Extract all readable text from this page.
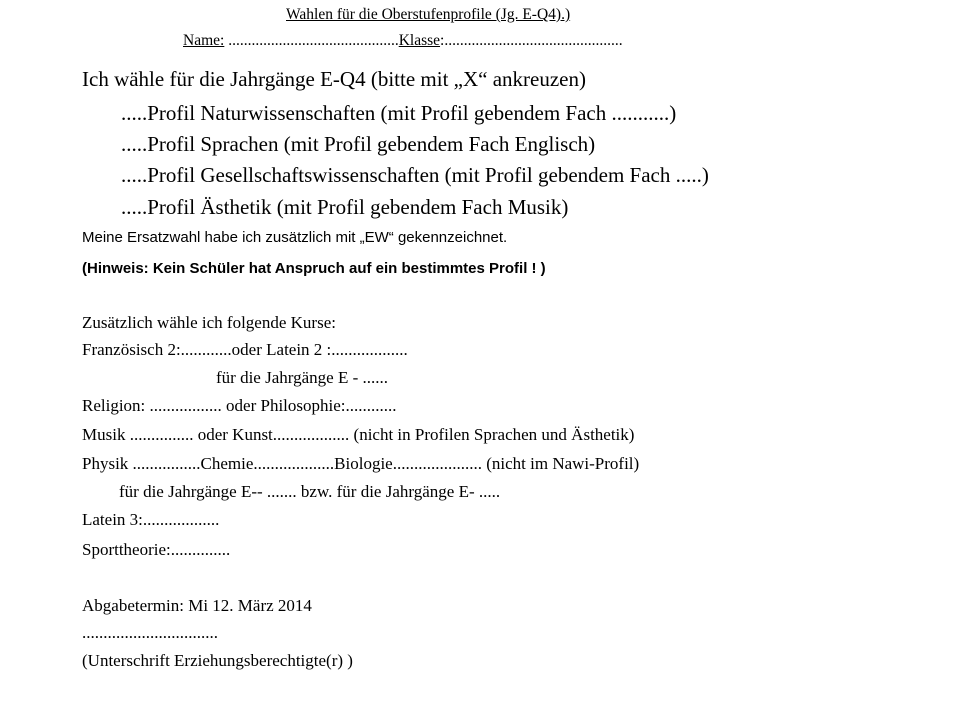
Wahlen für die Oberstufenprofile (Jg. E-Q4).)
Name: ............................................Klasse:..............................................
Ich wähle für die Jahrgänge E-Q4 (bitte mit „X“ ankreuzen)
.....Profil Naturwissenschaften (mit Profil gebendem Fach ...........)
.....Profil Sprachen (mit Profil gebendem Fach Englisch)
.....Profil Gesellschaftswissenschaften (mit Profil gebendem Fach .....)
.....Profil Ästhetik (mit Profil gebendem Fach Musik)
Meine Ersatzwahl habe ich zusätzlich mit „EW“ gekennzeichnet.
(Hinweis: Kein Schüler hat Anspruch auf ein bestimmtes Profil ! )
Zusätzlich wähle ich folgende Kurse:
Französisch 2:............oder Latein 2 :..................
für die Jahrgänge E - ......
Religion: ................. oder Philosophie:............
Musik ............... oder Kunst.................. (nicht in Profilen Sprachen und Ästhetik)
Physik ................Chemie...................Biologie..................... (nicht im Nawi-Profil)
für die Jahrgänge E-- ....... bzw. für die Jahrgänge E- .....
Latein 3:..................
Sporttheorie:..............
Abgabetermin: Mi 12. März 2014
................................
(Unterschrift Erziehungsberechtigte(r) )
